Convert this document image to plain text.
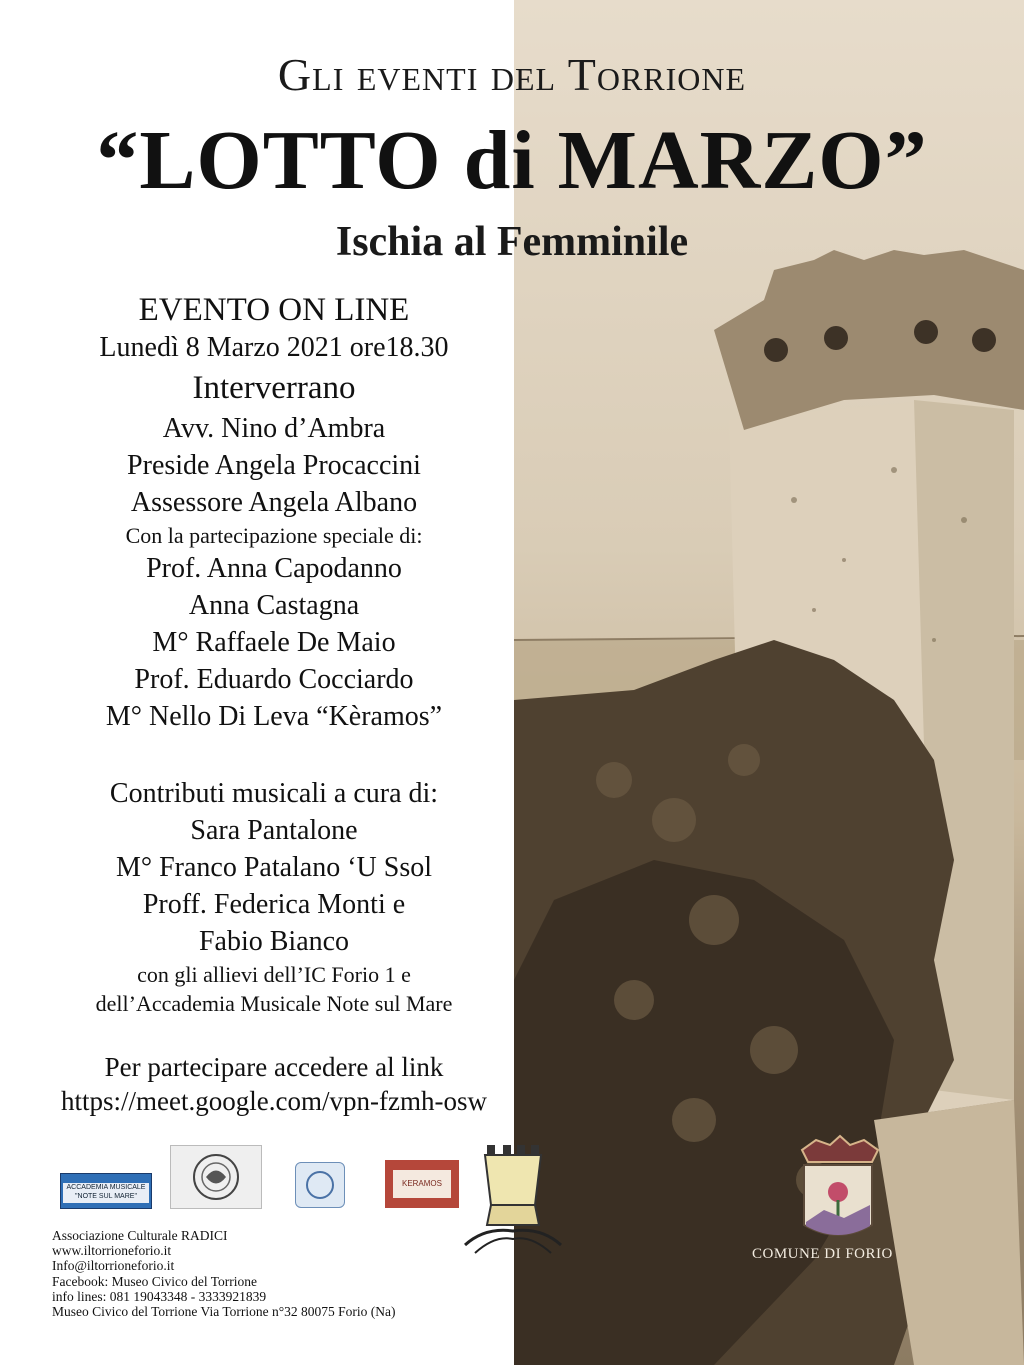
Gli eventi del Torrione
“LOTTO di MARZO”
Ischia al Femminile
EVENTO ON LINE
Lunedì 8 Marzo 2021 ore18.30
Interverrano
Avv. Nino d’Ambra
Preside Angela Procaccini
Assessore Angela Albano
Con la partecipazione speciale di:
Prof. Anna Capodanno
Anna Castagna
M° Raffaele De Maio
Prof. Eduardo Cocciardo
M° Nello Di Leva “Kèramos”
Contributi musicali a cura di:
Sara Pantalone
M° Franco Patalano ‘U Ssol
Proff. Federica Monti e
Fabio Bianco
con gli allievi dell’IC Forio 1 e
dell’Accademia Musicale Note sul Mare
Per partecipare accedere al link
https://meet.google.com/vpn-fzmh-osw
ACCADEMIA MUSICALE "NOTE SUL MARE"
KERAMOS
Associazione Culturale RADICI
www.iltorrioneforio.it
Info@iltorrioneforio.it
Facebook: Museo Civico del Torrione
info lines: 081 19043348 - 3333921839
Museo Civico del Torrione Via Torrione n°32 80075 Forio (Na)
COMUNE DI FORIO
